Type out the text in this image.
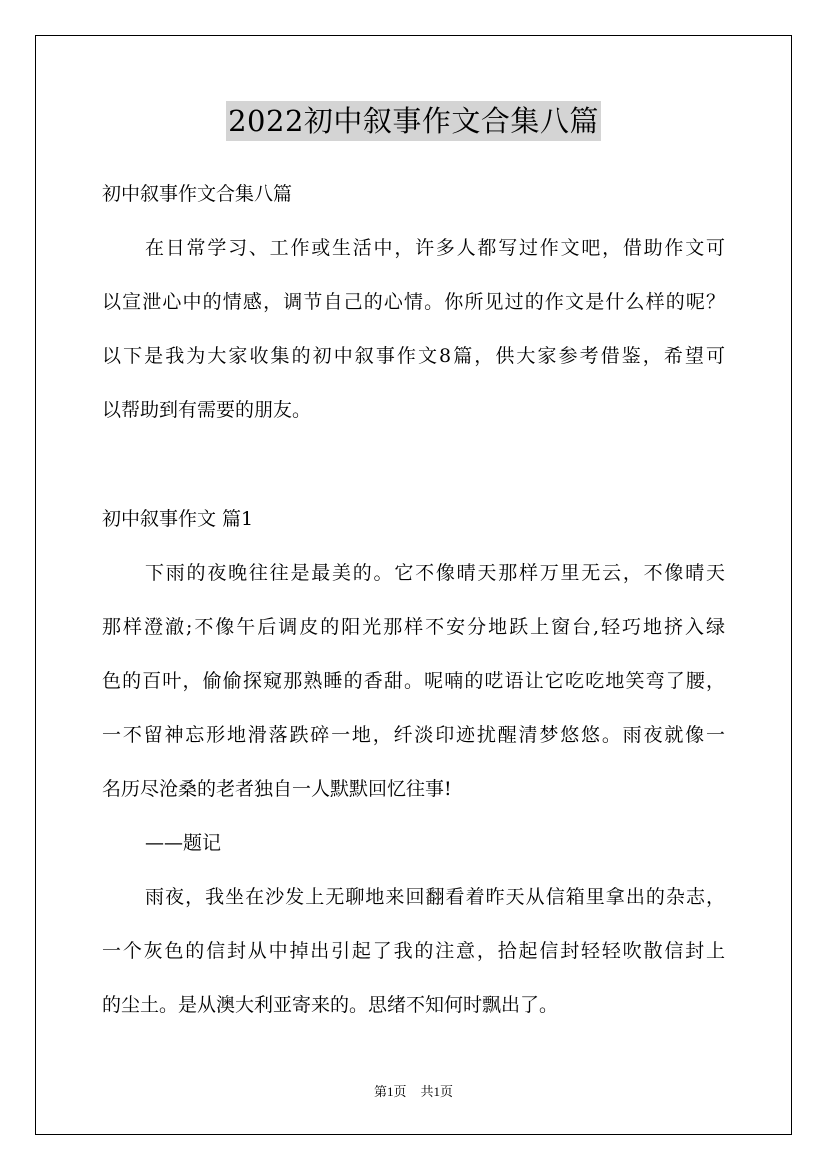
2022初中叙事作文合集八篇
初中叙事作文合集八篇
在日常学习、工作或生活中，许多人都写过作文吧，借助作文可
以宣泄心中的情感，调节自己的心情。你所见过的作文是什么样的呢？
以下是我为大家收集的初中叙事作文8篇，供大家参考借鉴，希望可
以帮助到有需要的朋友。
初中叙事作文 篇1
下雨的夜晚往往是最美的。它不像晴天那样万里无云，不像晴天
那样澄澈;不像午后调皮的阳光那样不安分地跃上窗台,轻巧地挤入绿
色的百叶，偷偷探窥那熟睡的香甜。呢喃的呓语让它吃吃地笑弯了腰，
一不留神忘形地滑落跌碎一地，纤淡印迹扰醒清梦悠悠。雨夜就像一
名历尽沧桑的老者独自一人默默回忆往事!
——题记
雨夜，我坐在沙发上无聊地来回翻看着昨天从信箱里拿出的杂志，
一个灰色的信封从中掉出引起了我的注意，拾起信封轻轻吹散信封上
的尘土。是从澳大利亚寄来的。思绪不知何时飘出了。
第1页 共1页
